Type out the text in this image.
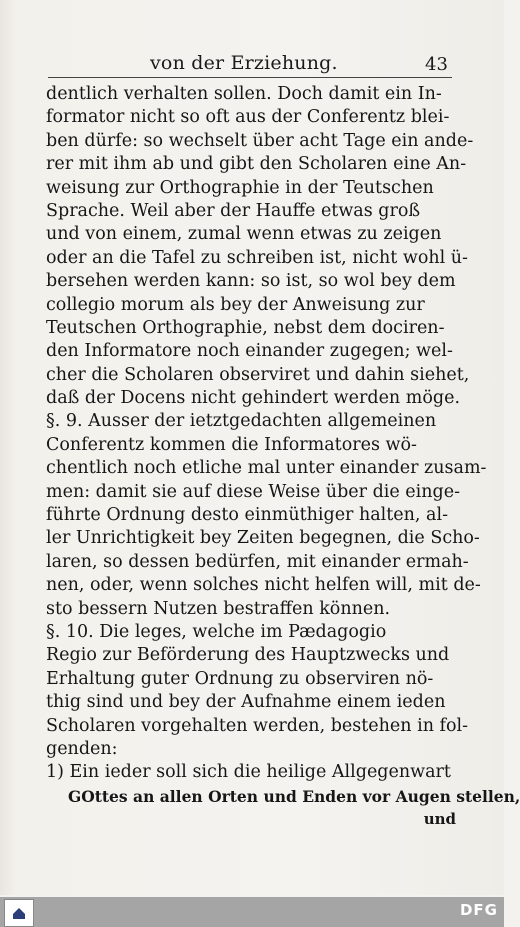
von der Erziehung.	43
dentlich verhalten sollen. Doch damit ein In-
formator nicht so oft aus der Conferentz blei-
ben dürfe: so wechselt über acht Tage ein ande-
rer mit ihm ab und gibt den Scholaren eine An-
weisung zur Orthographie in der Teutschen
Sprache. Weil aber der Hauffe etwas groß
und von einem, zumal wenn etwas zu zeigen
oder an die Tafel zu schreiben ist, nicht wohl ü-
bersehen werden kann: so ist, so wol bey dem
collegio morum als bey der Anweisung zur
Teutschen Orthographie, nebst dem dociren-
den Informatore noch einander zugegen; wel-
cher die Scholaren observiret und dahin siehet,
daß der Docens nicht gehindert werden möge.
§. 9. Ausser der ietztgedachten allgemeinen
Conferentz kommen die Informatores wö-
chentlich noch etliche mal unter einander zusam-
men: damit sie auf diese Weise über die einge-
führte Ordnung desto einmüthiger halten, al-
ler Unrichtigkeit bey Zeiten begegnen, die Scho-
laren, so dessen bedürfen, mit einander ermah-
nen, oder, wenn solches nicht helfen will, mit de-
sto bessern Nutzen bestraffen können.
§. 10. Die leges, welche im Pædagogio
Regio zur Beförderung des Hauptzwecks und
Erhaltung guter Ordnung zu observiren nö-
thig sind und bey der Aufnahme einem ieden
Scholaren vorgehalten werden, bestehen in fol-
genden:
1) Ein ieder soll sich die heilige Allgegenwart
GOttes an allen Orten und Enden vor Augen stellen,
und
DFG
